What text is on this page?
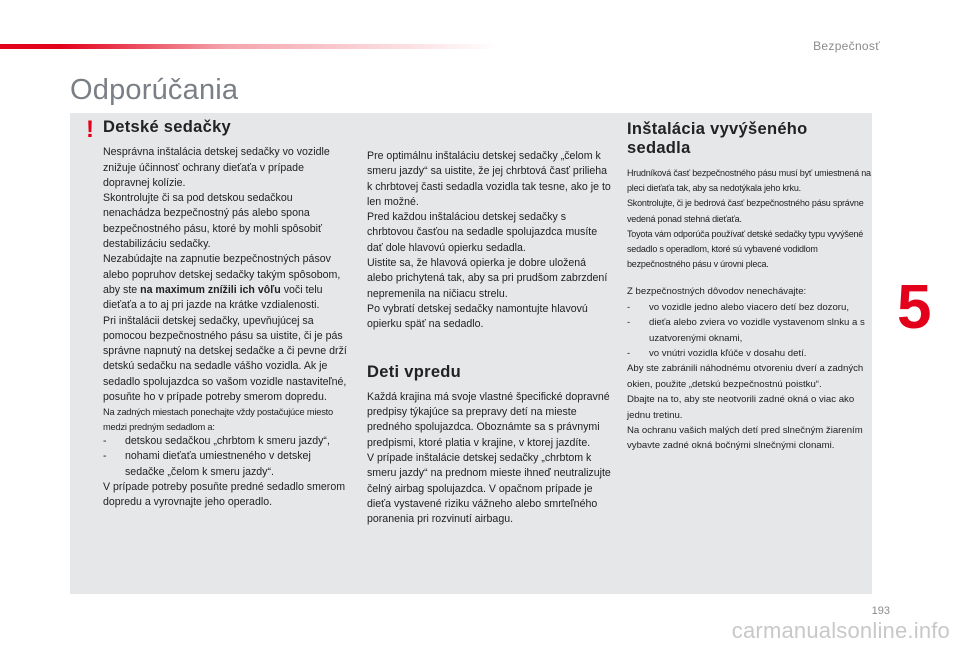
Bezpečnosť
Odporúčania
! Detské sedačky

Nesprávna inštalácia detskej sedačky vo vozidle znižuje účinnosť ochrany dieťaťa v prípade dopravnej kolízie.

Skontrolujte či sa pod detskou sedačkou nenachádza bezpečnostný pás alebo spona bezpečnostného pásu, ktoré by mohli spôsobiť destabilizáciu sedačky.

Nezabúdajte na zapnutie bezpečnostných pásov alebo popruhov detskej sedačky takým spôsobom, aby ste na maximum znížili ich vôľu voči telu dieťaťa a to aj pri jazde na krátke vzdialenosti.

Pri inštalácii detskej sedačky, upevňujúcej sa pomocou bezpečnostného pásu sa uistite, či je pás správne napnutý na detskej sedačke a či pevne drží detskú sedačku na sedadle vášho vozidla. Ak je sedadlo spolujazdca so vašom vozidle nastaviteľné, posuňte ho v prípade potreby smerom dopredu.

Na zadných miestach ponechajte vždy postačujúce miesto medzi predným sedadlom a:

-	detskou sedačkou „chrbtom k smeru jazdy“,
-	nohami dieťaťa umiestneného v detskej sedačke „čelom k smeru jazdy“.

V prípade potreby posuňte predné sedadlo smerom dopredu a vyrovnajte jeho operadlo.

Pre optimálnu inštaláciu detskej sedačky „čelom k smeru jazdy“ sa uistite, že jej chrbtová časť prilieha k chrbtovej časti sedadla vozidla tak tesne, ako je to len možné.

Pred každou inštaláciou detskej sedačky s chrbtovou časťou na sedadle spolujazdca musíte dať dole hlavovú opierku sedadla.

Uistite sa, že hlavová opierka je dobre uložená alebo prichytená tak, aby sa pri prudšom zabrzdení nepremenila na ničiacu strelu.

Po vybratí detskej sedačky namontujte hlavovú opierku späť na sedadlo.

Deti vpredu

Každá krajina má svoje vlastné špecifické dopravné predpisy týkajúce sa prepravy detí na mieste predného spolujazdca. Oboznámte sa s právnymi predpismi, ktoré platia v krajine, v ktorej jazdíte.

V prípade inštalácie detskej sedačky „chrbtom k smeru jazdy“ na prednom mieste ihneď neutralizujte čelný airbag spolujazdca. V opačnom prípade je dieťa vystavené riziku vážneho alebo smrteľného poranenia pri rozvinutí airbagu.

Inštalácia vyvýšeného sedadla

Hrudníková časť bezpečnostného pásu musí byť umiestnená na pleci dieťaťa tak, aby sa nedotýkala jeho krku.

Skontrolujte, či je bedrová časť bezpečnostného pásu správne vedená ponad stehná dieťaťa.

Toyota vám odporúča používať detské sedačky typu vyvýšené sedadlo s operadlom, ktoré sú vybavené vodidlom bezpečnostného pásu v úrovni pleca.

Z bezpečnostných dôvodov nenechávajte:

-	vo vozidle jedno alebo viacero detí bez dozoru,
-	dieťa alebo zviera vo vozidle vystavenom slnku a s uzatvorenými oknami,
-	vo vnútri vozidla kľúče v dosahu detí.

Aby ste zabránili náhodnému otvoreniu dverí a zadných okien, použite „detskú bezpečnostnú poistku“.

Dbajte na to, aby ste neotvorili zadné okná o viac ako jednu tretinu.

Na ochranu vašich malých detí pred slnečným žiarením vybavte zadné okná bočnými slnečnými clonami.

5
193
carmanualsonline.info
